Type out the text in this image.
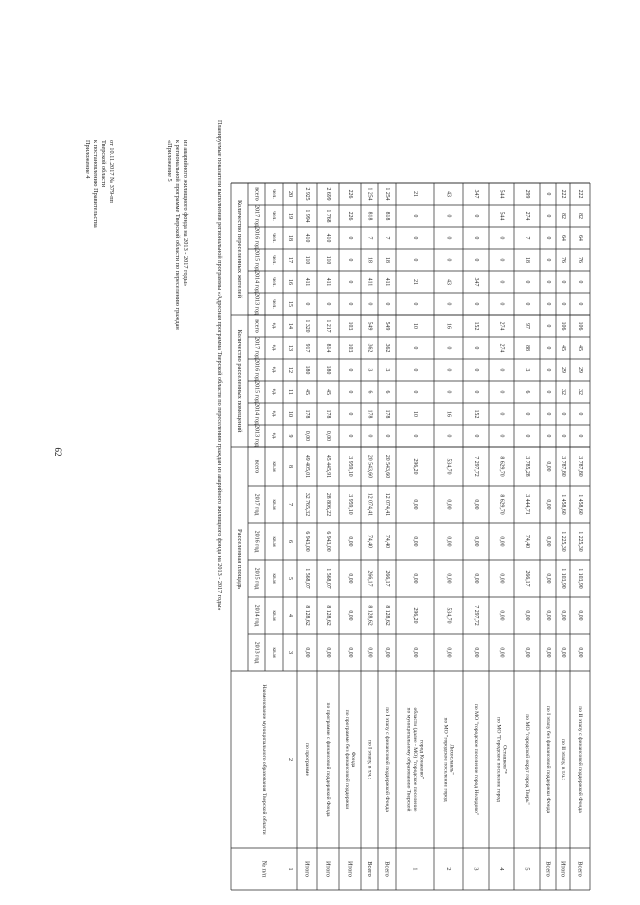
62
Приложение 4 к постановлению Правительства Тверской области от 10.11.2017 № 379-пп	«Приложение 5 к региональной программе Тверской области по переселению граждан из аварийного жилищного фонда на 2013 - 2017 годы»	Планируемые показатели выполнения региональной программы «Адресная программа Тверской области по переселению граждан из аварийного жилищного фонда на 2013 - 2017 годы»
№ п/п
Наименование муниципального образования Тверской области
Расселенная площадь
Количество расселенных помещений
Количество переселенных жителей
2013 год кв.м
2014 год кв.м
2015 год кв.м
2016 год кв.м
2017 год кв.м
всего кв.м
2013 год ед.
2014 год ед.
2015 год ед.
2016 год ед.
2017 год ед.
всего ед.
2013 год чел.
2014 год чел.
2015 год чел.
2016 год чел.
2017 год чел.
всего чел.
1
2
3
4
5
6
7
8
9
10
11
12
13
14
15
16
17
18
19
20
Итого
по программе
0,00
8 128,62
1 568,07
6 943,00
32 765,32
49 405,01
0,00
178
45
180
917
1 320
0
411
110
410
1 994
2 925
Итого
по программе с финансовой поддержкой Фонда
0,00
8 128,62
1 568,07
6 943,00
28 806,22
45 445,91
0,00
178
45
180
814
1 217
0
411
110
410
1 768
2 699
Итого
по программе без финансовой поддержки Фонда
0,00
0,00
0,00
0,00
3 959,10
3 959,10
0
0
0
0
103
103
0
0
0
0
226
226
Всего
по I этапу, в т.ч.:
0,00
8 128,62
266,17
74,40
12 074,41
20 543,60
0
178
6
3
362
549
0
411
18
7
818
1 254
Всего
по I этапу с финансовой поддержкой Фонда
0,00
8 128,62
266,17
74,40
12 074,41
20 543,60
0
178
6
3
362
549
0
411
18
7
818
1 254
1
по муниципальному образованию Тверской области (далее - МО) "городское поселение город Конаково"
0,00
296,20
0,00
0,00
0,00
296,20
0
10
0
0
0
10
0
21
0
0
0
21
2
по МО "городское поселение город Лихославль"
0,00
534,70
0,00
0,00
0,00
534,70
0
16
0
0
0
16
0
43
0
0
0
43
3
по МО "городское поселение город Нелидово"
0,00
7 297,72
0,00
0,00
0,00
7 297,72
0
152
0
0
0
152
0
347
0
0
0
347
4
по МО "Городское поселение город Осташков"*
0,00
0,00
0,00
0,00
8 629,70
8 629,70
0
0
0
0
274
274
0
0
0
0
544
544
5
по МО "городской округ город Тверь"
0,00
0,00
266,17
74,40
3 444,71
3 785,28
0
0
6
3
88
97
0
0
18
7
274
299
Всего
по I этапу без финансовой поддержки Фонда
0,00
0,00
0,00
0,00
0,00
0,00
0
0
0
0
0
0
0
0
0
0
0
0
Итого
по II этапу, в т.ч.:
0,00
0,00
1 103,90
1 225,30
1 458,60
3 787,80
0
0
32
29
45
106
0
0
76
64
82
222
Всего
по II этапу с финансовой поддержкой Фонда
0,00
0,00
1 103,90
1 225,30
1 458,60
3 787,80
0
0
32
29
45
106
0
0
76
64
82
222
